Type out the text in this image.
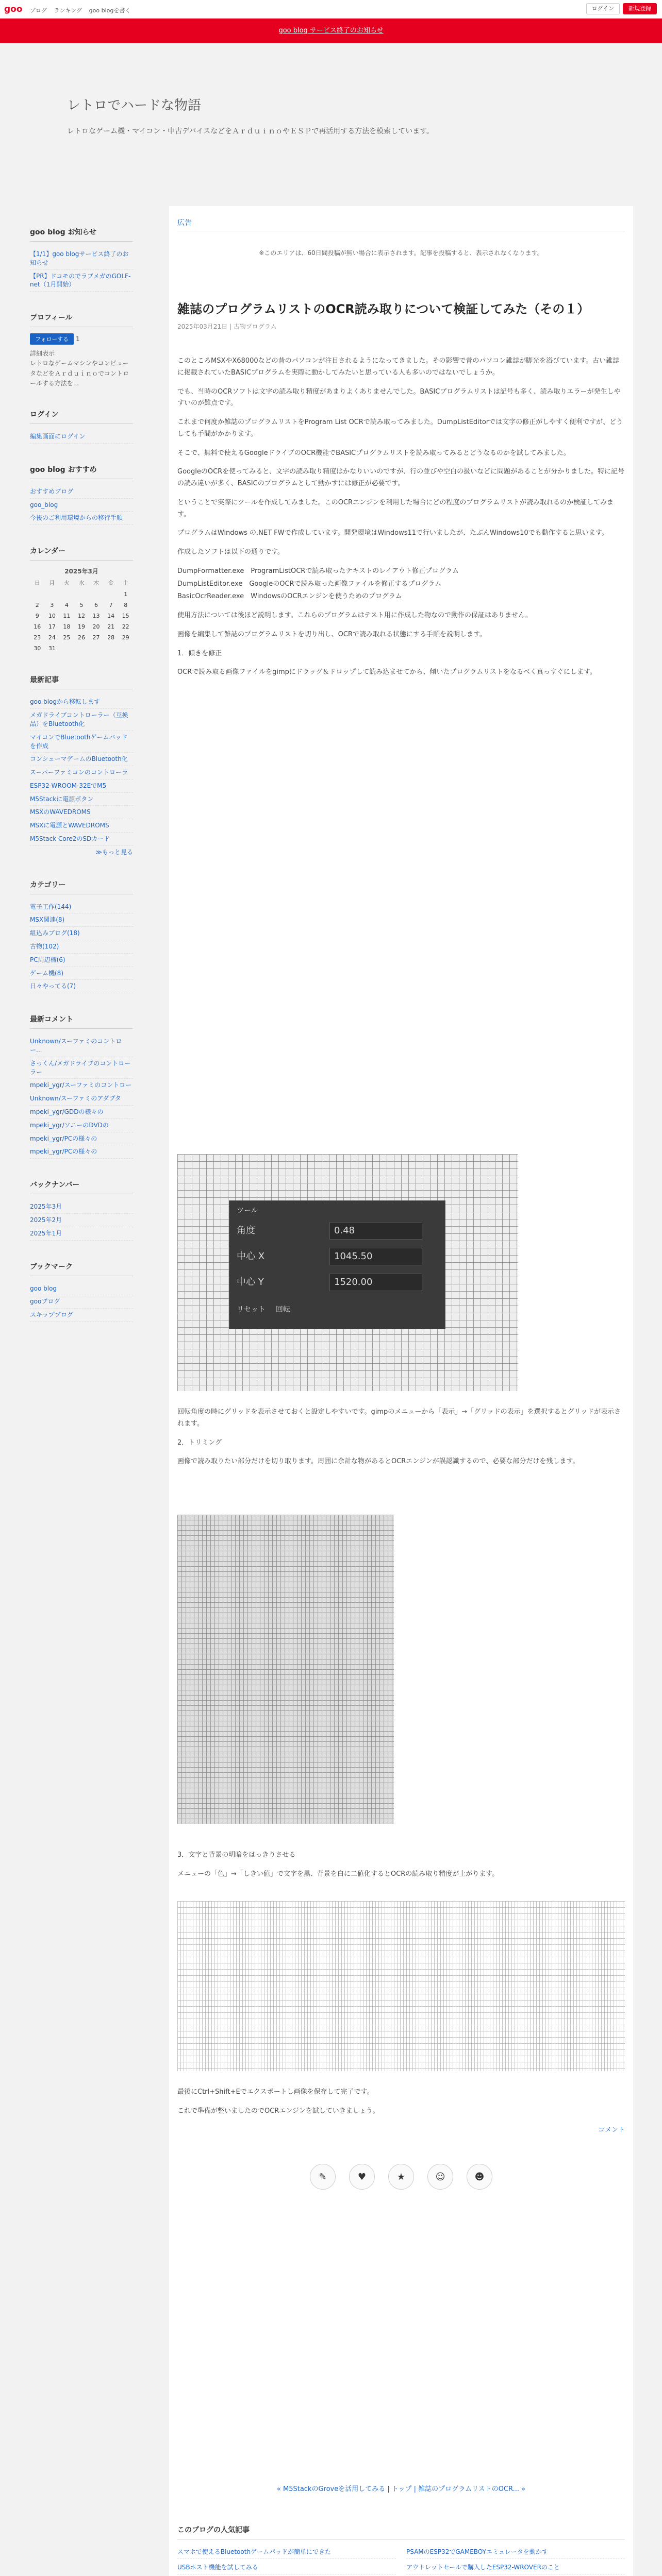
goo ブログ ランキング goo blogを書く	ログイン	新規登録
goo blog サービス終了のお知らせ
レトロでハードな物語
レトロなゲーム機・マイコン・中古デバイスなどをＡｒｄｕｉｎｏやＥＳＰで再活用する方法を模索しています。
goo blog お知らせ
【1/1】goo blogサービス終了のお知らせ
【PR】ドコモのでラブメガのGOLF-net（1月開始）
プロフィール
フォローする 1
詳細表示
レトロなゲームマシンやコンピュータなどをＡｒｄｕｉｎｏでコントロールする方法を...
ログイン
編集画面にログイン
goo blog おすすめ
おすすめブログ
goo_blog
今後のご利用環境からの移行手順
カレンダー
2025年3月
日	月	火	水	木	金	土
						1
2	3	4	5	6	7	8
9	10	11	12	13	14	15
16	17	18	19	20	21	22
23	24	25	26	27	28	29
30	31					
最新記事
goo blogから移転します
メガドライブコントローラー（互換品）をBluetooth化
マイコンでBluetoothゲームパッドを作成
コンシューマゲームのBluetooth化
スーパーファミコンのコントローラ
ESP32-WROOM-32EでM5
M5Stackに電源ボタン
MSXのWAVEDROMS
MSXに電源とWAVEDROMS
M5Stack Core2のSDカード
≫もっと見る
カテゴリー
電子工作(144)
MSX関連(8)
組込みブログ(18)
古物(102)
PC周辺機(6)
ゲーム機(8)
日々やってる(7)
最新コメント
Unknown/スーファミのコントロー...
さっくん/メガドライブのコントローラー
mpeki_ygr/スーファミのコントロー
Unknown/スーファミのアダプタ
mpeki_ygr/GDDの様々の
mpeki_ygr/ソニーのDVDの
mpeki_ygr/PCの様々の
mpeki_ygr/PCの様々の
バックナンバー
2025年3月
2025年2月
2025年1月
ブックマーク
goo blog
gooブログ
スキップブログ
広告
※このエリアは、60日間投稿が無い場合に表示されます。記事を投稿すると、表示されなくなります。
雑誌のプログラムリストのOCR読み取りについて検証してみた（その１）
2025年03月21日 | 古物プログラム

このところMSXやX68000などの昔のパソコンが注目されるようになってきました。その影響で昔のパソコン雑誌が脚光を浴びています。古い雑誌に掲載されていたBASICプログラムを実際に動かしてみたいと思っている人も多いのではないでしょうか。

でも、当時のOCRソフトは文字の読み取り精度があまりよくありませんでした。BASICプログラムリストは記号も多く、読み取りエラーが発生しやすいのが難点です。

これまで何度か雑誌のプログラムリストをProgram List OCRで読み取ってみました。DumpListEditorでは文字の修正がしやすく便利ですが、どうしても手間がかかります。

そこで、無料で使えるGoogleドライブのOCR機能でBASICプログラムリストを読み取ってみるとどうなるのかを試してみました。

GoogleのOCRを使ってみると、文字の読み取り精度はかなりいいのですが、行の並びや空白の扱いなどに問題があることが分かりました。特に記号の読み違いが多く、BASICのプログラムとして動かすには修正が必要です。

ということで実際にツールを作成してみました。このOCRエンジンを利用した場合にどの程度のプログラムリストが読み取れるのか検証してみます。

プログラムはWindows の.NET FWで作成しています。開発環境はWindows11で行いましたが、たぶんWindows10でも動作すると思います。

作成したソフトは以下の通りです。

DumpFormatter.exe　ProgramListOCRで読み取ったテキストのレイアウト修正プログラム

DumpListEditor.exe　GoogleのOCRで読み取った画像ファイルを修正するプログラム

BasicOcrReader.exe　WindowsのOCRエンジンを使うためのプログラム

使用方法については後ほど説明します。これらのプログラムはテスト用に作成した物なので動作の保証はありません。

画像を編集して雑誌のプログラムリストを切り出し、OCRで読み取れる状態にする手順を説明します。

1．傾きを修正

OCRで読み取る画像ファイルをgimpにドラッグ＆ドロップして読み込ませてから、傾いたプログラムリストをなるべく真っすぐにします。

ツール
角度	0.48
中心 X	1045.50
中心 Y	1520.00
リセット 回転

回転角度の時にグリッドを表示させておくと設定しやすいです。gimpのメニューから「表示」→「グリッドの表示」を選択するとグリッドが表示されます。

2．トリミング

画像で読み取りたい部分だけを切り取ります。周囲に余計な物があるとOCRエンジンが誤認識するので、必要な部分だけを残します。

3．文字と背景の明暗をはっきりさせる

メニューの「色」→「しきい値」で文字を黒、背景を白に二値化するとOCRの読み取り精度が上がります。

最後にCtrl+Shift+Eでエクスポートし画像を保存して完了です。

これで準備が整いましたのでOCRエンジンを試していきましょう。

コメント

✎	♥	★	☺	☻
« M5StackのGroveを活用してみる | トップ | 雑誌のプログラムリストのOCR... »
このブログの人気記事
スマホで使えるBluetoothゲームパッドが簡単にできた	PSAMのESP32でGAMEBOYエミュレータを動かす
USBホスト機能を試してみる	アウトレットセールで購入したESP32-WROVERのこと
